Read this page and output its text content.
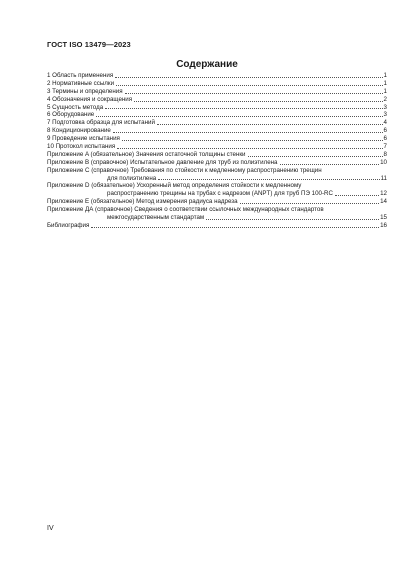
ГОСТ ISO 13479—2023
Содержание
1 Область применения	1
2 Нормативные ссылки	1
3 Термины и определения	1
4 Обозначения и сокращения	2
5 Сущность метода	3
6 Оборудование	3
7 Подготовка образца для испытаний	4
8 Кондиционирование	6
9 Проведение испытания	6
10 Протокол испытания	7
Приложение A (обязательное) Значения остаточной толщины стенки	8
Приложение B (справочное) Испытательное давление для труб из полиэтилена	10
Приложение C (справочное) Требования по стойкости к медленному распространению трещин
для полиэтилена	11
Приложение D (обязательное) Ускоренный метод определения стойкости к медленному
распространению трещины на трубах с надрезом (ANPT) для труб ПЭ 100-RC	12
Приложение E (обязательное) Метод измерения радиуса надреза	14
Приложение ДА (справочное) Сведения о соответствии ссылочных международных стандартов
межгосударственным стандартам	15
Библиография	16
IV
